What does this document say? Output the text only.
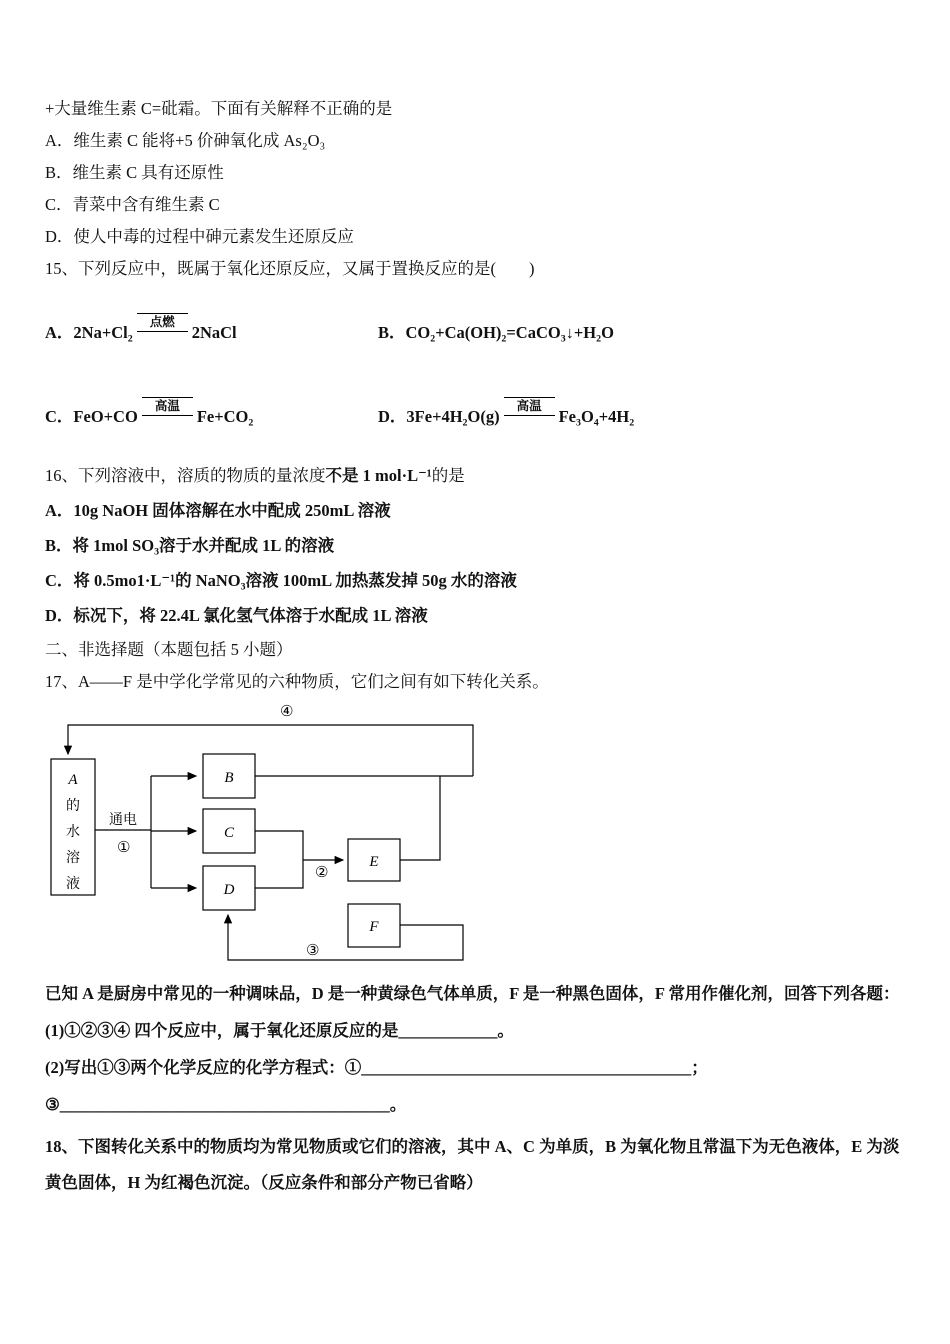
+大量维生素 C=砒霜。下面有关解释不正确的是

A．维生素 C 能将+5 价砷氧化成 As₂O₃

B．维生素 C 具有还原性

C．青菜中含有维生素 C

D．使人中毒的过程中砷元素发生还原反应

15、下列反应中，既属于氧化还原反应，又属于置换反应的是(　　)

A．2Na+Cl₂点燃2NaCl	B．CO₂+Ca(OH)₂=CaCO₃↓+H₂O
C．FeO+CO高温Fe+CO₂	D．3Fe+4H₂O(g)高温Fe₃O₄+4H₂

16、下列溶液中，溶质的物质的量浓度不是 1 mol·L⁻¹的是

A．10g NaOH 固体溶解在水中配成 250mL 溶液

B．将 1mol SO₃溶于水并配成 1L 的溶液

C．将 0.5mo1·L⁻¹的 NaNO₃溶液 100mL 加热蒸发掉 50g 水的溶液

D．标况下，将 22.4L 氯化氢气体溶于水配成 1L 溶液

二、非选择题（本题包括 5 小题）

17、A——F 是中学化学常见的六种物质，它们之间有如下转化关系。

④
A
的
水
溶
液
通电
①
B
C
D
②
E
F
③

已知 A 是厨房中常见的一种调味品，D 是一种黄绿色气体单质，F 是一种黑色固体，F 常用作催化剂，回答下列各题：

(1)①②③④ 四个反应中，属于氧化还原反应的是____________。

(2)写出①③两个化学反应的化学方程式：①________________________________________；

③________________________________________。

18、下图转化关系中的物质均为常见物质或它们的溶液，其中 A、C 为单质，B 为氧化物且常温下为无色液体，E 为淡黄色固体，H 为红褐色沉淀。（反应条件和部分产物已省略）
